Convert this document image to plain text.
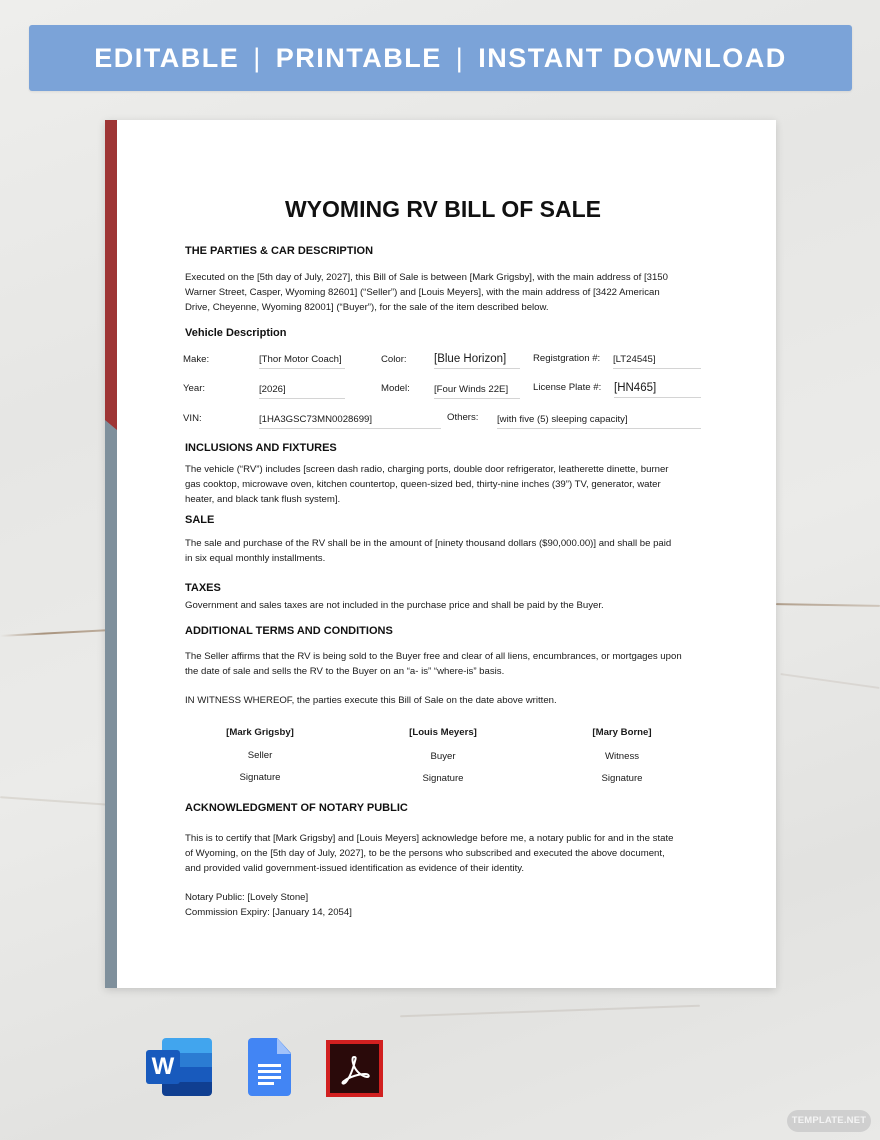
EDITABLE | PRINTABLE | INSTANT DOWNLOAD
WYOMING RV BILL OF SALE
THE PARTIES & CAR DESCRIPTION
Executed on the [5th day of July, 2027], this Bill of Sale is between [Mark Grigsby], with the main address of [3150
Warner Street, Casper, Wyoming 82601] (“Seller”) and [Louis Meyers], with the main address of [3422 American
Drive, Cheyenne, Wyoming 82001] (“Buyer”), for the sale of the item described below.
Vehicle Description
Make:	[Thor Motor Coach]	Color: [Blue Horizon]	Registgration #: [LT24545]
Year:	[2026]	Model:	[Four Winds 22E]	License Plate #: [HN465]
VIN:	[1HA3GSC73MN0028699]	Others: [with five (5) sleeping capacity]
INCLUSIONS AND FIXTURES
The vehicle (“RV”) includes [screen dash radio, charging ports, double door refrigerator, leatherette dinette, burner
gas cooktop, microwave oven, kitchen countertop, queen-sized bed, thirty-nine inches (39”) TV, generator, water
heater, and black tank flush system].
SALE
The sale and purchase of the RV shall be in the amount of [ninety thousand dollars ($90,000.00)] and shall be paid
in six equal monthly installments.
TAXES
Government and sales taxes are not included in the purchase price and shall be paid by the Buyer.
ADDITIONAL TERMS AND CONDITIONS
The Seller affirms that the RV is being sold to the Buyer free and clear of all liens, encumbrances, or mortgages upon
the date of sale and sells the RV to the Buyer on an “a- is” “where-is” basis.
IN WITNESS WHEREOF, the parties execute this Bill of Sale on the date above written.
[Mark Grigsby]
Seller
Signature
[Louis Meyers]
Buyer
Signature
[Mary Borne]
Witness
Signature
ACKNOWLEDGMENT OF NOTARY PUBLIC
This is to certify that [Mark Grigsby] and [Louis Meyers] acknowledge before me, a notary public for and in the state
of Wyoming, on the [5th day of July, 2027], to be the persons who subscribed and executed the above document,
and provided valid government-issued identification as evidence of their identity.
Notary Public: [Lovely Stone]
Commission Expiry: [January 14, 2054]
W
TEMPLATE.NET
